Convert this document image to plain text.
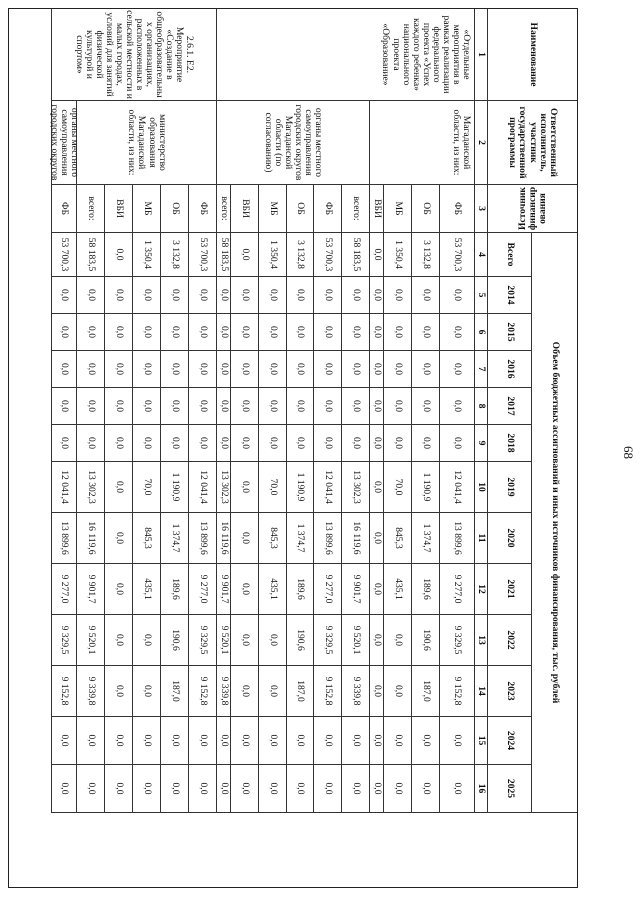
68
Наименование
Ответственный исполнитель, участник государственной программы
Источник финансирования
Объем бюджетных ассигнований и иных источников финансирования, тыс. рублей
Всего
2014
2015
2016
2017
2018
2019
2020
2021
2022
2023
2024
2025
1
2
3
4
5
6
7
8
9
10
11
12
13
14
15
16
«Отдельные мероприятия в рамках реализации федерального проекта «Успех каждого ребенка» национального проекта «Образование»
2.6.1. E2. Мероприятие «Создание в общеобразовательных организациях, расположенных в сельской местности и малых городах, условий для занятий физической культурой и спортом»
Магаданской области, из них:
органы местного самоуправления городских округов Магаданской области (по согласованию)
министерство образования Магаданской области, из них:
органы местного самоуправления городских округов
ФБ
53 700,3
0,0
0,0
0,0
0,0
0,0
12 041,4
13 899,6
9 277,0
9 329,5
9 152,8
0,0
0,0
ОБ
3 132,8
0,0
0,0
0,0
0,0
0,0
1 190,9
1 374,7
189,6
190,6
187,0
0,0
0,0
МБ
1 350,4
0,0
0,0
0,0
0,0
0,0
70,0
845,3
435,1
0,0
0,0
0,0
0,0
ВБИ
0,0
0,0
0,0
0,0
0,0
0,0
0,0
0,0
0,0
0,0
0,0
0,0
0,0
всего:
58 183,5
0,0
0,0
0,0
0,0
0,0
13 302,3
16 119,6
9 901,7
9 520,1
9 339,8
0,0
0,0
ФБ
53 700,3
0,0
0,0
0,0
0,0
0,0
12 041,4
13 899,6
9 277,0
9 329,5
9 152,8
0,0
0,0
ОБ
3 132,8
0,0
0,0
0,0
0,0
0,0
1 190,9
1 374,7
189,6
190,6
187,0
0,0
0,0
МБ
1 350,4
0,0
0,0
0,0
0,0
0,0
70,0
845,3
435,1
0,0
0,0
0,0
0,0
ВБИ
0,0
0,0
0,0
0,0
0,0
0,0
0,0
0,0
0,0
0,0
0,0
0,0
0,0
всего:
58 183,5
0,0
0,0
0,0
0,0
0,0
13 302,3
16 119,6
9 901,7
9 520,1
9 339,8
0,0
0,0
ФБ
53 700,3
0,0
0,0
0,0
0,0
0,0
12 041,4
13 899,6
9 277,0
9 329,5
9 152,8
0,0
0,0
ОБ
3 132,8
0,0
0,0
0,0
0,0
0,0
1 190,9
1 374,7
189,6
190,6
187,0
0,0
0,0
МБ
1 350,4
0,0
0,0
0,0
0,0
0,0
70,0
845,3
435,1
0,0
0,0
0,0
0,0
ВБИ
0,0
0,0
0,0
0,0
0,0
0,0
0,0
0,0
0,0
0,0
0,0
0,0
0,0
всего:
58 183,5
0,0
0,0
0,0
0,0
0,0
13 302,3
16 119,6
9 901,7
9 520,1
9 339,8
0,0
0,0
ФБ
53 700,3
0,0
0,0
0,0
0,0
0,0
12 041,4
13 899,6
9 277,0
9 329,5
9 152,8
0,0
0,0
